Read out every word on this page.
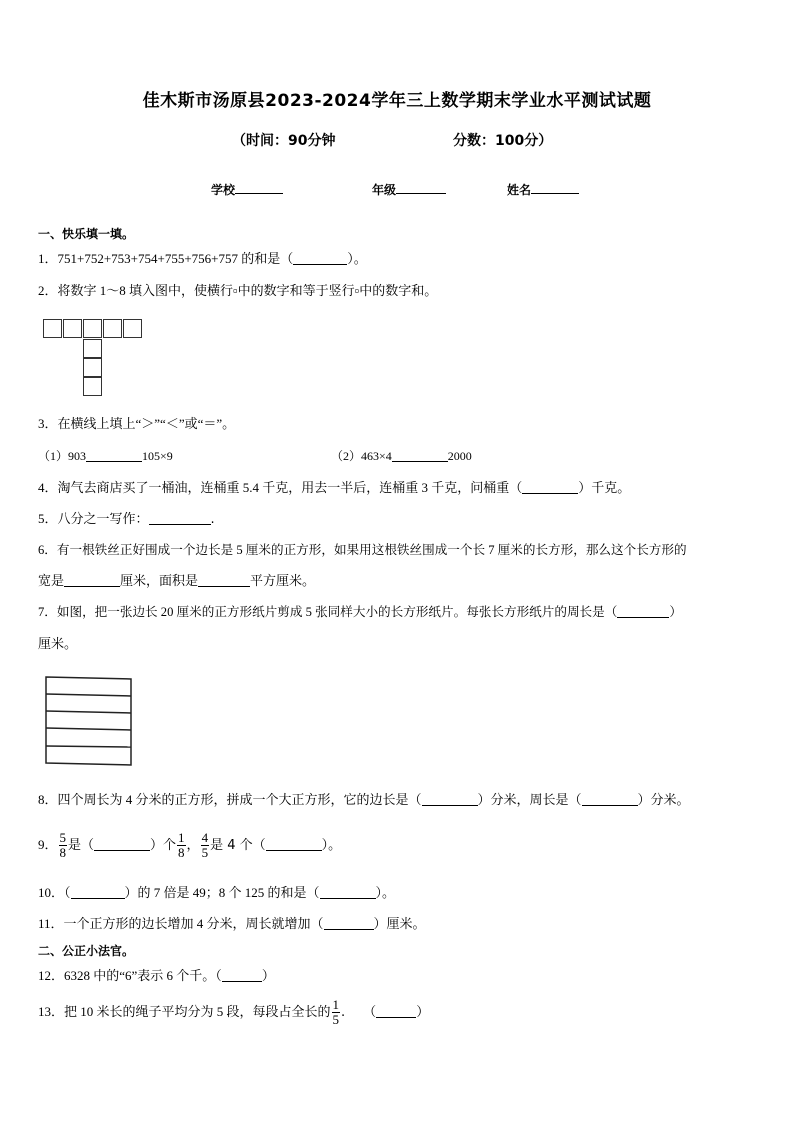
佳木斯市汤原县2023-2024学年三上数学期末学业水平测试试题
（时间：90分钟	分数：100分）
学校	年级	姓名
一、快乐填一填。
1．751+752+753+754+755+756+757 的和是（	）。
2．将数字 1～8 填入图中，使横行▫中的数字和等于竖行▫中的数字和。
3．在横线上填上“＞”“＜”或“＝”。
（1）903	105×9	（2）463×4	2000
4．淘气去商店买了一桶油，连桶重 5.4 千克，用去一半后，连桶重 3 千克，问桶重（	）千克。
5．八分之一写作：	.
6．有一根铁丝正好围成一个边长是 5 厘米的正方形，如果用这根铁丝围成一个长 7 厘米的长方形，那么这个长方形的
宽是	厘米，面积是	平方厘米。
7．如图，把一张边长 20 厘米的正方形纸片剪成 5 张同样大小的长方形纸片。每张长方形纸片的周长是（	）
厘米。
8．四个周长为 4 分米的正方形，拼成一个大正方形，它的边长是（	）分米，周长是（	）分米。
9． $\frac{5}{8}$ 是（	）个 $\frac{1}{8}$ ， $\frac{4}{5}$ 是 4 个（	）。
10．（	）的 7 倍是 49；8 个 125 的和是（	）。
11．一个正方形的边长增加 4 分米，周长就增加（	）厘米。
二、公正小法官。
12．6328 中的“6”表示 6 个千。（	）
13．把 10 米长的绳子平均分为 5 段，每段占全长的 $\frac{1}{5}$ . （	）
